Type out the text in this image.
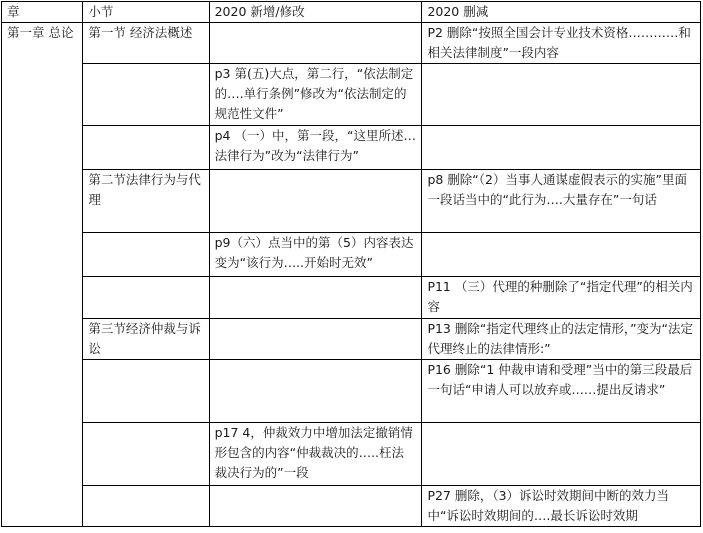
章	小节	2020 新增/修改	2020 删减
第一章 总论	第一节 经济法概述		P2 删除“按照全国会计专业技术资格…………和相关法律制度”一段内容
		p3 第(五)大点，第二行，“依法制定的….单行条例”修改为“依法制定的规范性文件”	
		p4 （一）中，第一段，“这里所述…法律行为”改为“法律行为”	
	第二节法律行为与代理		p8 删除“（2）当事人通谋虚假表示的实施”里面一段话当中的“此行为….大量存在”一句话
		p9（六）点当中的第（5）内容表达变为“该行为…..开始时无效”	
			P11 （三）代理的种删除了“指定代理”的相关内容
	第三节经济仲裁与诉讼		P13 删除“指定代理终止的法定情形，”变为“法定代理终止的法律情形:”
			P16 删除“1 仲裁申请和受理”当中的第三段最后一句话“申请人可以放弃或……提出反请求”
		p17 4，仲裁效力中增加法定撤销情形包含的内容“仲裁裁决的…..枉法裁决行为的”一段	
			P27 删除，（3）诉讼时效期间中断的效力当中“诉讼时效期间的….最长诉讼时效期
